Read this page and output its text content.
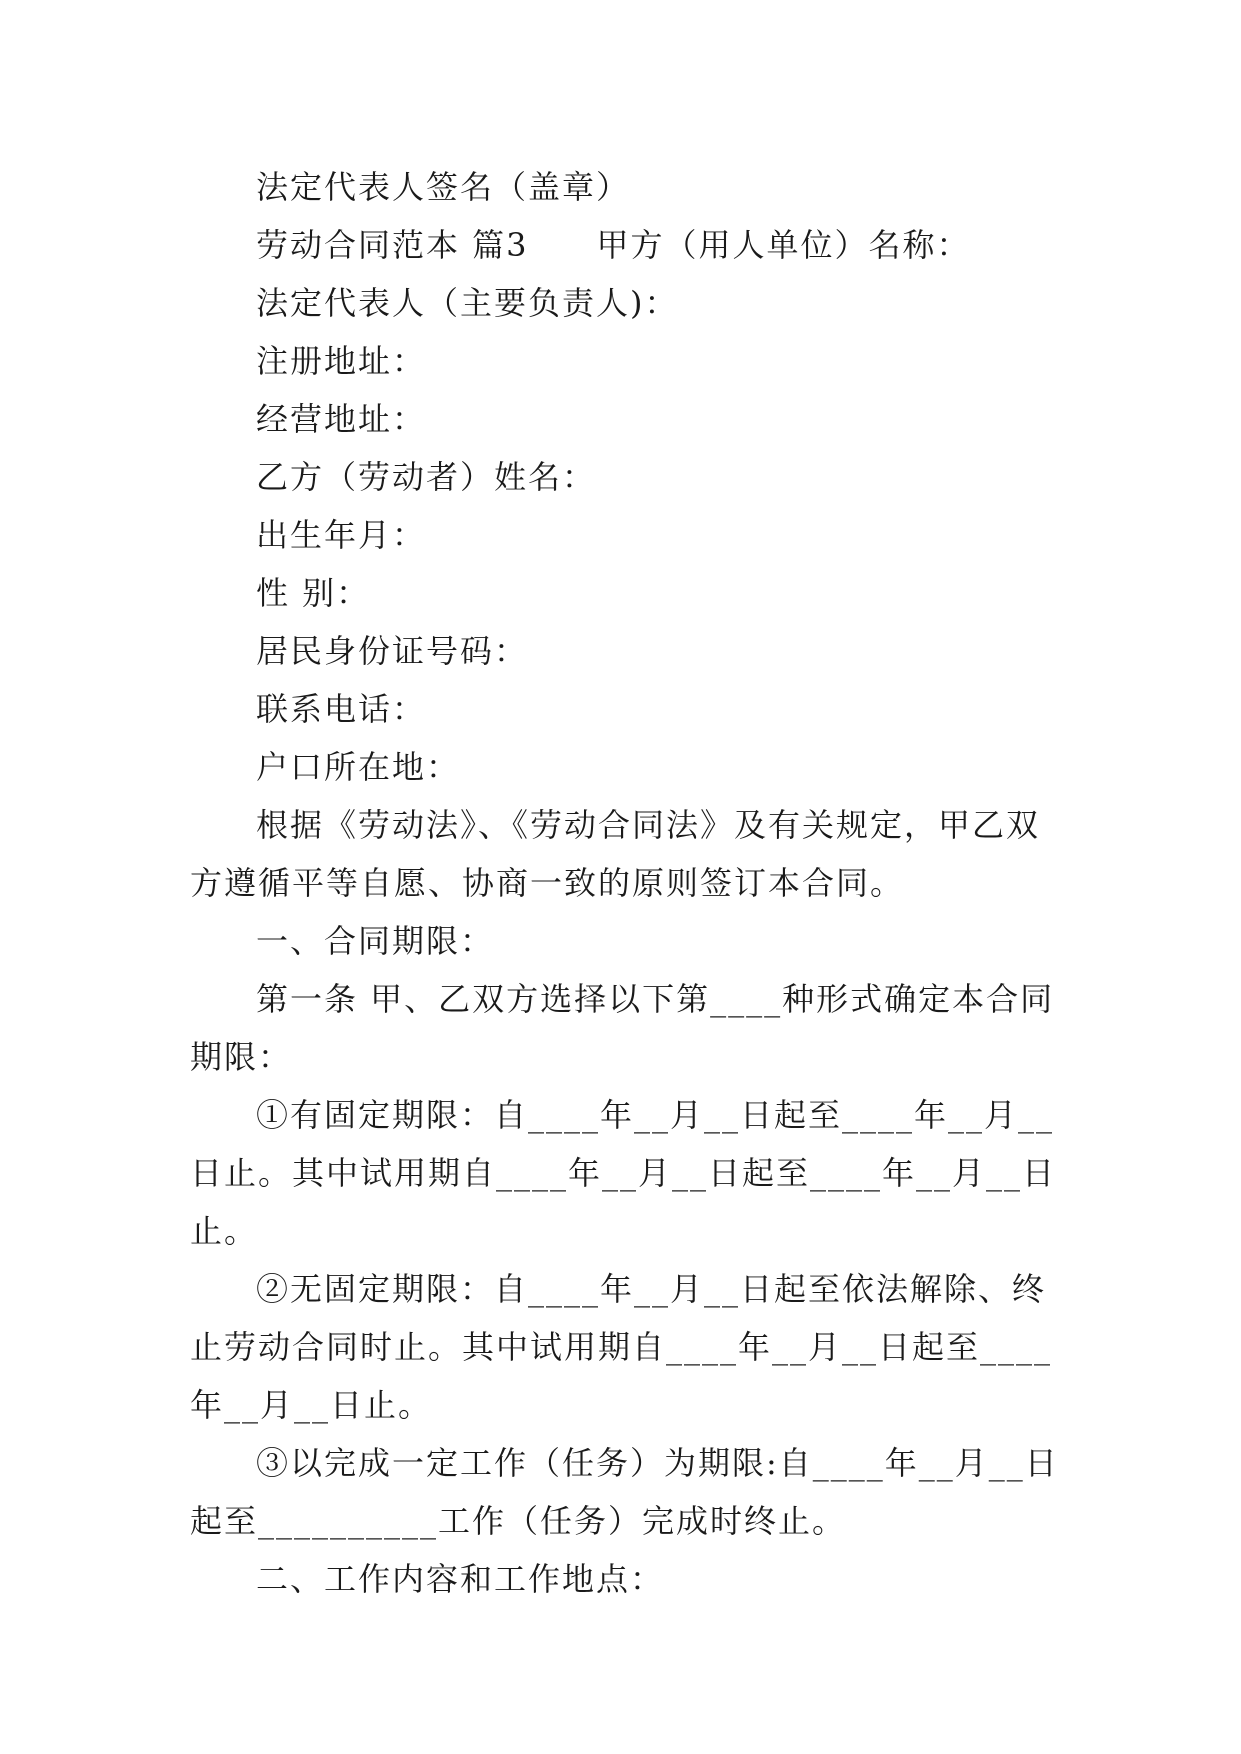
法定代表人签名（盖章）

劳动合同范本 篇3　　甲方（用人单位）名称：

法定代表人（主要负责人)：

注册地址：

经营地址：

乙方（劳动者）姓名：

出生年月：

性 别：

居民身份证号码：

联系电话：

户口所在地：

根据《劳动法》、《劳动合同法》及有关规定，甲乙双方遵循平等自愿、协商一致的原则签订本合同。

一、合同期限：

第一条 甲、乙双方选择以下第____种形式确定本合同期限：

①有固定期限：自____年__月__日起至____年__月__日止。其中试用期自____年__月__日起至____年__月__日止。

②无固定期限：自____年__月__日起至依法解除、终止劳动合同时止。其中试用期自____年__月__日起至____年__月__日止。

③以完成一定工作（任务）为期限:自____年__月__日起至__________工作（任务）完成时终止。

二、工作内容和工作地点：
